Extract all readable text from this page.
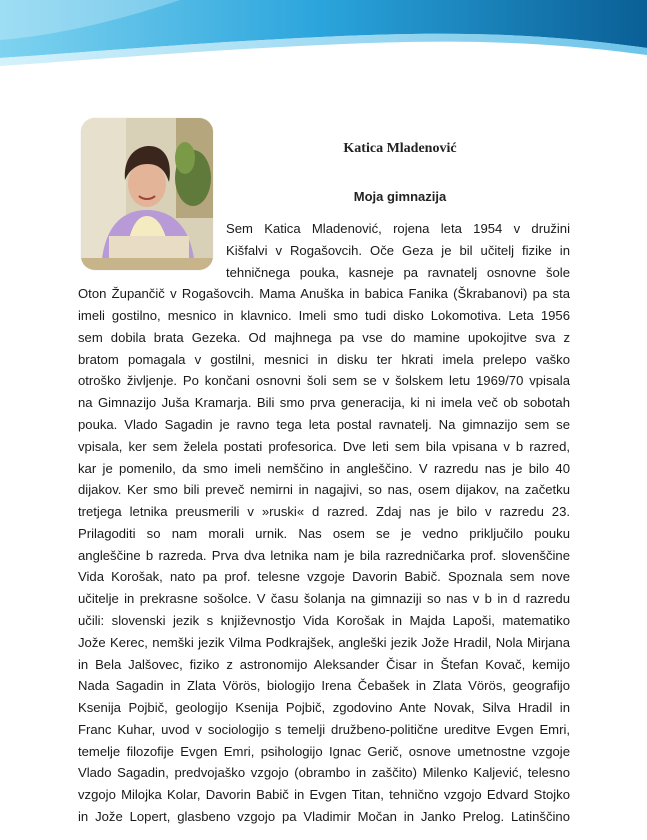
Katica Mladenović
Moja gimnazija
Sem Katica Mladenović, rojena leta 1954 v družini
Kišfalvi v Rogašovcih. Oče Geza je bil učitelj fizike in
tehničnega pouka, kasneje pa ravnatelj osnovne šole
Oton Župančič v Rogašovcih. Mama Anuška in babica Fanika (Škrabanovi) pa sta
imeli gostilno, mesnico in klavnico. Imeli smo tudi disko Lokomotiva. Leta 1956
sem dobila brata Gezeka. Od majhnega pa vse do mamine upokojitve sva z
bratom pomagala v gostilni, mesnici in disku ter hkrati imela prelepo vaško
otroško življenje. Po končani osnovni šoli sem se v šolskem letu 1969/70 vpisala
na Gimnazijo Juša Kramarja. Bili smo prva generacija, ki ni imela več ob sobotah
pouka. Vlado Sagadin je ravno tega leta postal ravnatelj. Na gimnazijo sem se
vpisala, ker sem želela postati profesorica. Dve leti sem bila vpisana v b razred,
kar je pomenilo, da smo imeli nemščino in angleščino. V razredu nas je bilo 40
dijakov. Ker smo bili preveč nemirni in nagajivi, so nas, osem dijakov, na začetku
tretjega letnika preusmerili v »ruski« d razred. Zdaj nas je bilo v razredu 23.
Prilagoditi so nam morali urnik. Nas osem se je vedno priključilo pouku
angleščine b razreda. Prva dva letnika nam je bila razredničarka prof. slovenščine
Vida Korošak, nato pa prof. telesne vzgoje Davorin Babič. Spoznala sem nove
učitelje in prekrasne sošolce. V času šolanja na gimnaziji so nas v b in d razredu
učili: slovenski jezik s književnostjo Vida Korošak in Majda Lapoši, matematiko
Jože Kerec, nemški jezik Vilma Podkrajšek, angleški jezik Jože Hradil, Nola Mirjana
in Bela Jalšovec, fiziko z astronomijo Aleksander Čisar in Štefan Kovač, kemijo
Nada Sagadin in Zlata Vörös, biologijo Irena Čebašek in Zlata Vörös, geografijo
Ksenija Pojbič, geologijo Ksenija Pojbič, zgodovino Ante Novak, Silva Hradil in
Franc Kuhar, uvod v sociologijo s temelji družbeno-politične ureditve Evgen Emri,
temelje filozofije Evgen Emri, psihologijo Ignac Gerič, osnove umetnostne vzgoje
Vlado Sagadin, predvojaško vzgojo (obrambo in zaščito) Milenko Kaljević, telesno
vzgojo Milojka Kolar, Davorin Babič in Evgen Titan, tehnično vzgojo Edvard Stojko
in Jože Lopert, glasbeno vzgojo pa Vladimir Močan in Janko Prelog. Latinščino
